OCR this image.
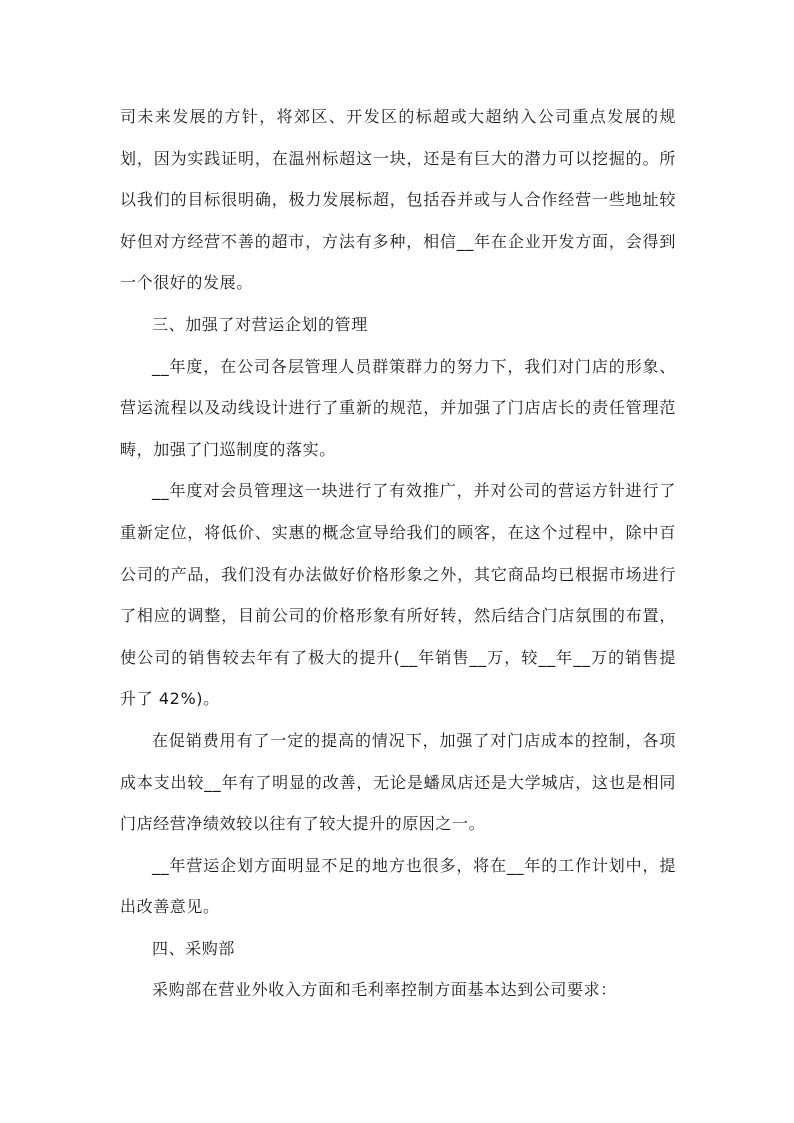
司未来发展的方针，将郊区、开发区的标超或大超纳入公司重点发展的规划，因为实践证明，在温州标超这一块，还是有巨大的潜力可以挖掘的。所以我们的目标很明确，极力发展标超，包括吞并或与人合作经营一些地址较好但对方经营不善的超市，方法有多种，相信__年在企业开发方面，会得到一个很好的发展。

三、加强了对营运企划的管理

__年度，在公司各层管理人员群策群力的努力下，我们对门店的形象、营运流程以及动线设计进行了重新的规范，并加强了门店店长的责任管理范畴，加强了门巡制度的落实。

__年度对会员管理这一块进行了有效推广，并对公司的营运方针进行了重新定位，将低价、实惠的概念宣导给我们的顾客，在这个过程中，除中百公司的产品，我们没有办法做好价格形象之外，其它商品均已根据市场进行了相应的调整，目前公司的价格形象有所好转，然后结合门店氛围的布置，使公司的销售较去年有了极大的提升(__年销售__万，较__年__万的销售提升了 42%)。

在促销费用有了一定的提高的情况下，加强了对门店成本的控制，各项成本支出较__年有了明显的改善，无论是蟠凤店还是大学城店，这也是相同门店经营净绩效较以往有了较大提升的原因之一。

__年营运企划方面明显不足的地方也很多，将在__年的工作计划中，提出改善意见。

四、采购部

采购部在营业外收入方面和毛利率控制方面基本达到公司要求：
